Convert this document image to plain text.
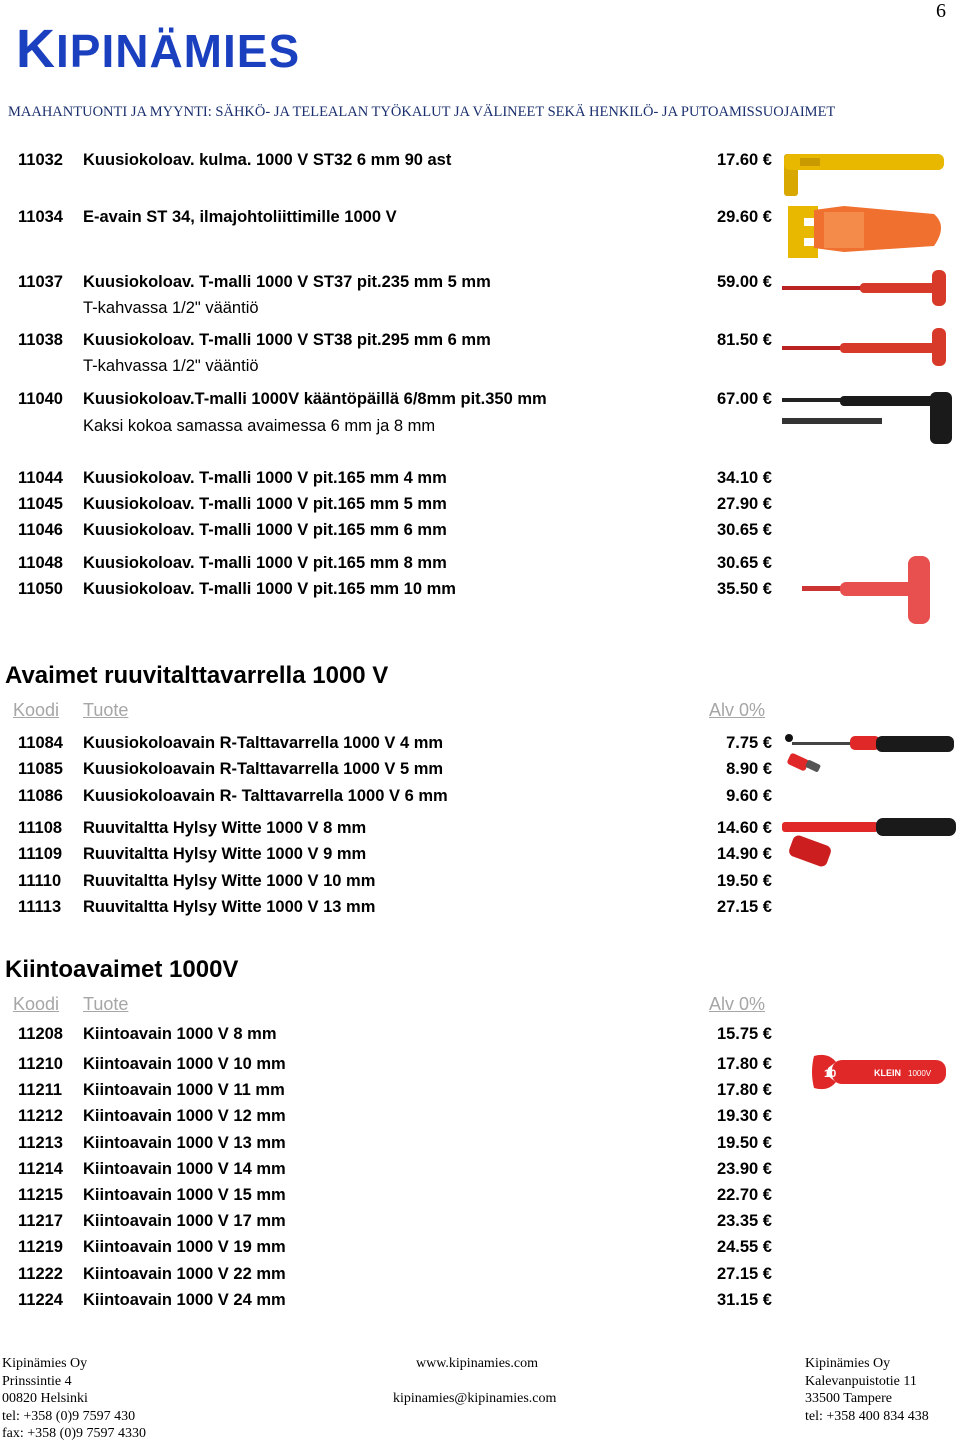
6
KIPINÄMIES
MAAHANTUONTI JA MYYNTI: SÄHKÖ- JA TELEALAN TYÖKALUT JA VÄLINEET SEKÄ HENKILÖ- JA PUTOAMISSUOJAIMET
11032 Kuusiokoloav. kulma. 1000 V ST32 6 mm 90 ast	17.60 €
11034 E-avain ST 34, ilmajohtoliittimille 1000 V	29.60 €
11037 Kuusiokoloav. T-malli 1000 V ST37 pit.235 mm 5 mm	59.00 €
T-kahvassa 1/2" vääntiö
11038 Kuusiokoloav. T-malli 1000 V ST38 pit.295 mm 6 mm	81.50 €
T-kahvassa 1/2" vääntiö
11040 Kuusiokoloav.T-malli 1000V kääntöpäillä 6/8mm pit.350 mm	67.00 €
Kaksi kokoa samassa avaimessa 6 mm ja 8 mm
11044 Kuusiokoloav. T-malli 1000 V pit.165 mm 4 mm	34.10 €
11045 Kuusiokoloav. T-malli 1000 V pit.165 mm 5 mm	27.90 €
11046 Kuusiokoloav. T-malli 1000 V pit.165 mm 6 mm	30.65 €
11048 Kuusiokoloav. T-malli 1000 V pit.165 mm 8 mm	30.65 €
11050 Kuusiokoloav. T-malli 1000 V pit.165 mm 10 mm	35.50 €
Avaimet ruuvitalttavarrella 1000 V
Koodi Tuote	Alv 0%
11084 Kuusiokoloavain R-Talttavarrella 1000 V 4 mm	7.75 €
11085 Kuusiokoloavain R-Talttavarrella 1000 V 5 mm	8.90 €
11086 Kuusiokoloavain R- Talttavarrella 1000 V 6 mm	9.60 €
11108 Ruuvitaltta Hylsy Witte 1000 V 8 mm	14.60 €
11109 Ruuvitaltta Hylsy Witte 1000 V 9 mm	14.90 €
11110 Ruuvitaltta Hylsy Witte 1000 V 10 mm	19.50 €
11113 Ruuvitaltta Hylsy Witte 1000 V 13 mm	27.15 €
Kiintoavaimet 1000V
Koodi Tuote	Alv 0%
11208 Kiintoavain 1000 V 8 mm	15.75 €
11210 Kiintoavain 1000 V 10 mm	17.80 €
11211 Kiintoavain 1000 V 11 mm	17.80 €
11212 Kiintoavain 1000 V 12 mm	19.30 €
11213 Kiintoavain 1000 V 13 mm	19.50 €
11214 Kiintoavain 1000 V 14 mm	23.90 €
11215 Kiintoavain 1000 V 15 mm	22.70 €
11217 Kiintoavain 1000 V 17 mm	23.35 €
11219 Kiintoavain 1000 V 19 mm	24.55 €
11222 Kiintoavain 1000 V 22 mm	27.15 €
11224 Kiintoavain 1000 V 24 mm	31.15 €
10	KLEIN 1000V
Kipinämies Oy
Prinssintie 4
00820 Helsinki
tel: +358 (0)9 7597 430
fax: +358 (0)9 7597 4330
www.kipinamies.com
kipinamies@kipinamies.com
Kipinämies Oy
Kalevanpuistotie 11
33500 Tampere
tel: +358 400 834 438
